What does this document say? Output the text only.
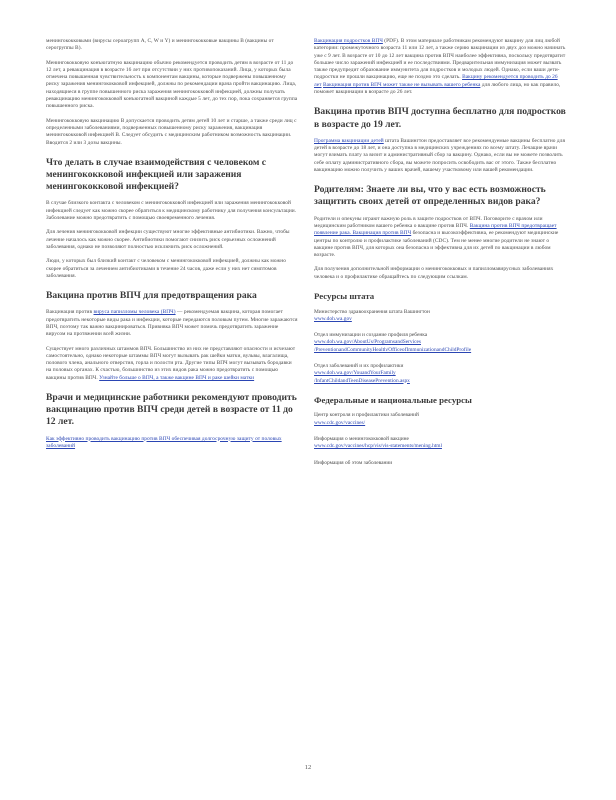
менингококковыми (вирусы сероагрупп A, C, W и Y) и менингококковые вакцины B (вакцины от серогруппы B).

Менингококковую конъюгатную вакцинацию обычно рекомендуется проводить детям в возрасте от 11 до 12 лет, а ревакцинация в возрасте 16 лет при отсутствии у них противопоказаний. Лица, у которых была отмечена повышенная чувствительность к компонентам вакцины, которые подвержены повышенному риску заражения менингококковой инфекцией, должны по рекомендации врача пройти вакцинацию. Лица, находящиеся в группе повышенного риска заражения менингококковой инфекцией, должны получать ревакцинацию менингококковой конъюгатной вакциной каждые 5 лет, до тех пор, пока сохраняется группа повышенного риска.

Менингококковую вакцинацию B допускается проводить детям детей 10 лет и старше, а также среди лиц с определенными заболеваниями, подверженных повышенному риску заражения, вакцинация менингококковой инфекцией B. Следует обсудить с медицинским работником возможность вакцинации. Вводится 2 или 3 дозы вакцины.

Что делать в случае взаимодействия с человеком с менингококковой инфекцией или заражения менингококковой инфекцией?

В случае близкого контакта с человеком с менингококковой инфекцией или заражения менингококковой инфекцией следует как можно скорее обратиться к медицинскому работнику для получения консультации. Заболевание можно предотвратить с помощью своевременного лечения.

Для лечения менингококковой инфекции существуют многие эффективные антибиотики. Важно, чтобы лечение началось как можно скорее. Антибиотики помогают снизить риск серьезных осложнений заболевания, однако не позволяют полностью исключить риск осложнений.

Люди, у которых был близкий контакт с человеком с менингококковой инфекцией, должны как можно скорее обратиться за лечением антибиотиками в течение 24 часов, даже если у них нет симптомов заболевания.

Вакцина против ВПЧ для предотвращения рака

Вакцинация против вируса папилломы человека (ВПЧ) — рекомендуемая вакцина, которая помогает предотвратить некоторые виды рака и инфекции, которые передаются половым путем. Многие заражаются ВПЧ, поэтому так важно вакцинироваться. Прививка ВПЧ может помочь предотвратить заражение вирусом на протяжении всей жизни.

Существует много различных штаммов ВПЧ. Большинство из них не представляют опасности и исчезают самостоятельно, однако некоторые штаммы ВПЧ могут вызывать рак шейки матки, вульвы, влагалища, полового члена, анального отверстия, горла и полости рта. Другие типы ВПЧ могут вызывать бородавки на половых органах. К счастью, большинство из этих видов рака можно предотвратить с помощью вакцины против ВПЧ. Узнайте больше о ВПЧ, а также вакцине ВПЧ и раке шейки матки

Врачи и медицинские работники рекомендуют проводить вакцинацию против ВПЧ среди детей в возрасте от 11 до 12 лет.

Как эффективно проводить вакцинацию против ВПЧ обеспечивая долгосрочную защиту от половых заболеваний

Вакцинация подростков ВПЧ (PDF). В этом материале работникам рекомендуют вакцину для лиц любой категории: промежуточного возраста 11 или 12 лет, а также серию вакцинации из двух доз можно начинать уже с 9 лет. В возрасте от 10 до 12 лет вакцина против ВПЧ наиболее эффективна, поскольку предотвратит большее число заражений инфекцией и ее последствиями. Предварительная иммунизация может вызвать также предупредит образование иммунитета для подростков и молодых людей. Однако, если ваши дети-подростки не прошли вакцинацию, еще не поздно это сделать. Вакцину рекомендуется проводить до 26 лет Вакцинация против ВПЧ может также не вызывать вашего ребенка для любого лица, но как правило, поможет вакцинации в возрасте до 26 лет.

Вакцина против ВПЧ доступна бесплатно для подростков в возрасте до 19 лет.

Программа вакцинации детей штата Вашингтон предоставляет все рекомендуемые вакцины бесплатно для детей в возрасте до 18 лет, и она доступна в медицинских учреждениях по всему штату. Лечащие врачи могут взимать плату за визит и административный сбор за вакцину. Однако, если вы не можете позволить себе оплату административного сбора, вы можете попросить освободить вас от этого. Также бесплатно вакцинацию можно получить у ваших врачей, вашему участковому или вашей рекомендации.

Родителям: Знаете ли вы, что у вас есть возможность защитить своих детей от определенных видов рака?

Родители и опекуны играют важную роль в защите подростков от ВПЧ. Поговорите с врачом или медицинским работником вашего ребенка о вакцине против ВПЧ. Вакцина против ВПЧ предотвращает появление рака. Вакцинация против ВПЧ безопасна и высокоэффективна, ее рекомендуют медицинские центры по контролю и профилактике заболеваний (CDC). Тем не менее многие родители не знают о вакцине против ВПЧ, для которых она безопасна и эффективна для их детей по вакцинации в любом возрасте.

Для получения дополнительной информации о менингококковых и папилломавирусных заболеваниях человека и о профилактике обращайтесь по следующим ссылкам.

Ресурсы штата
Министерство здравоохранения штата Вашингтон
www.doh.wa.gov
Отдел иммунизации и создание профиля ребенка
www.doh.wa.gov/AboutUs/ProgramsandServices
/PreventionandCommunityHealth/OfficeofImmunizationandChildProfile
Отдел заболеваний и их профилактики
www.doh.wa.gov/YouandYourFamily
/InfantChildandTeenDiseasePrevention.aspx
Федеральные и национальные ресурсы
Центр контроля и профилактики заболеваний
www.cdc.gov/vaccines/
Информация о менингококковой вакцине
www.cdc.gov/vaccines/hcp/vis/vis-statements/mening.html
Информация об этом заболевании
12
